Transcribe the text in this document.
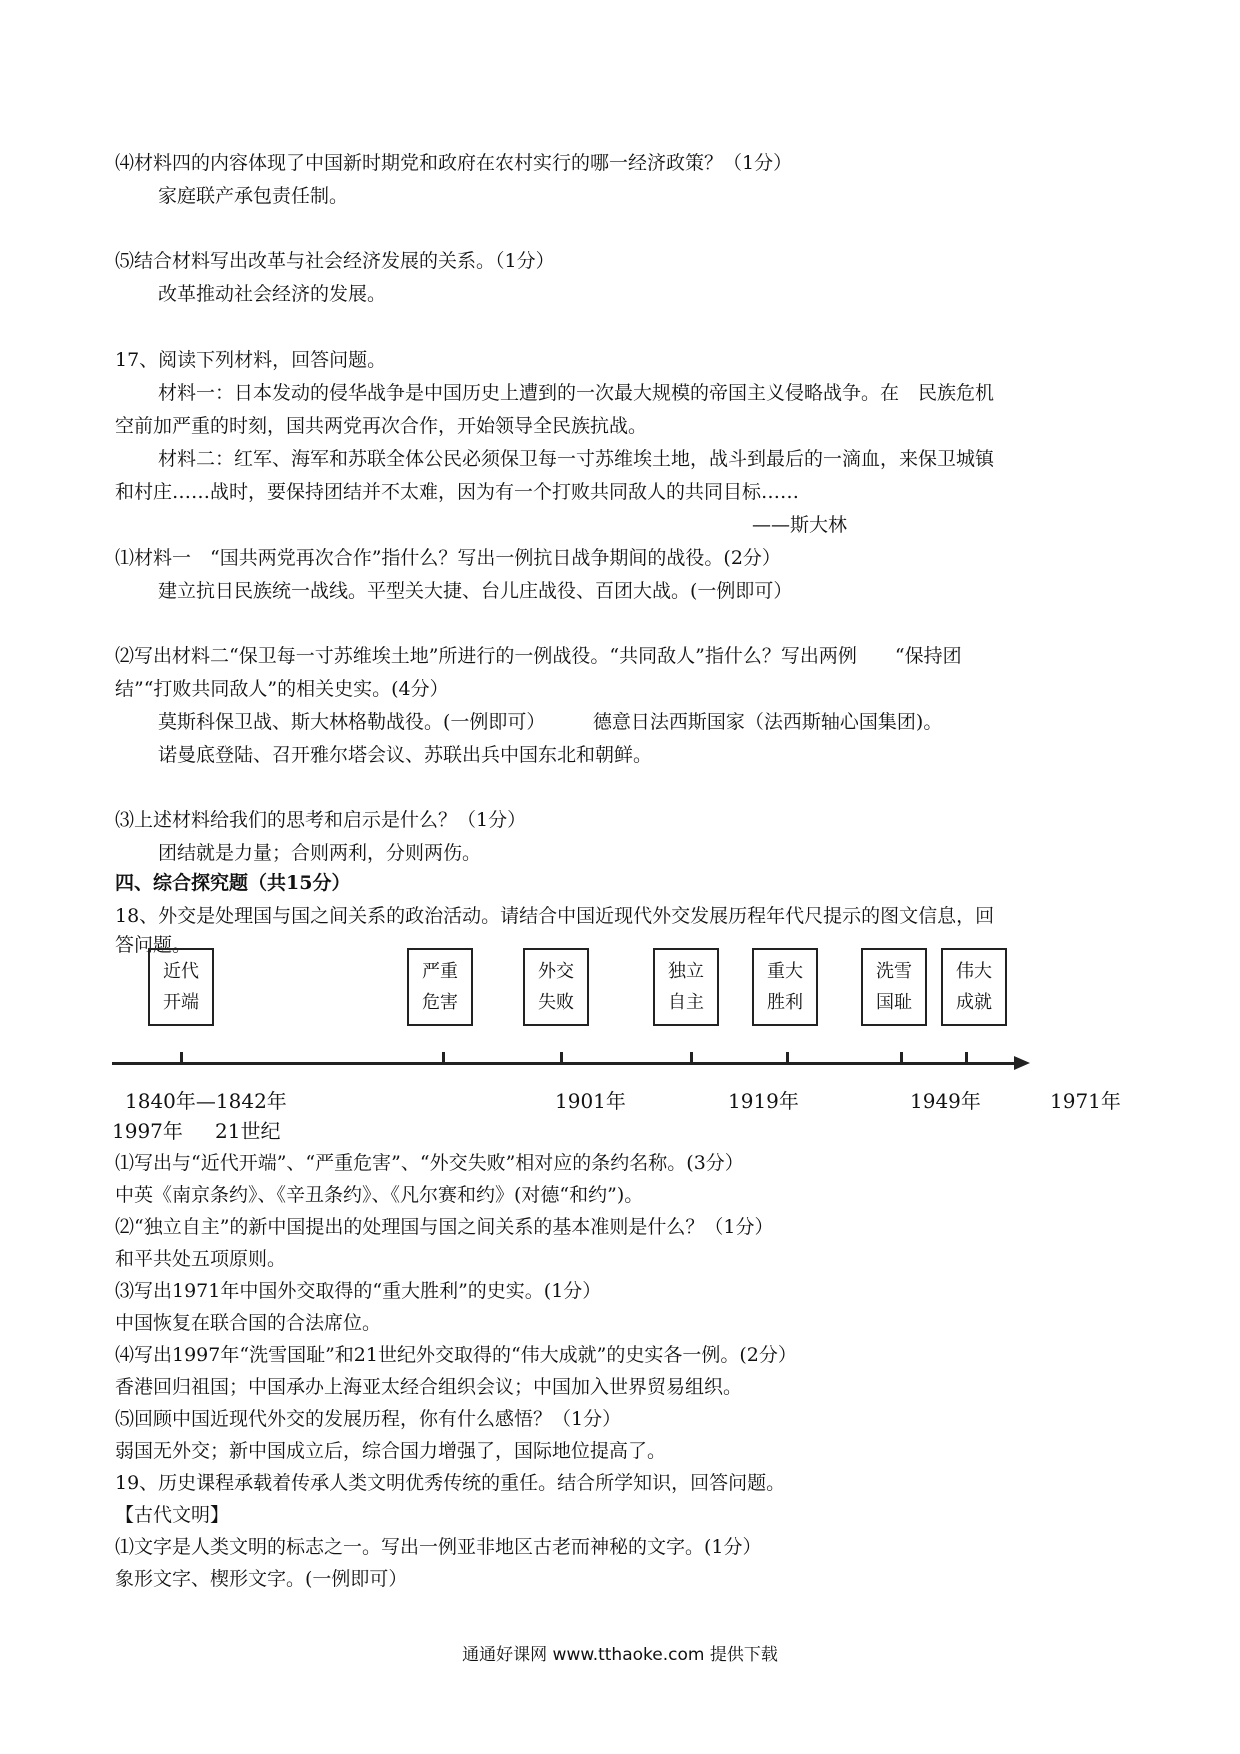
⑷材料四的内容体现了中国新时期党和政府在农村实行的哪一经济政策？（1分）
家庭联产承包责任制。
⑸结合材料写出改革与社会经济发展的关系。（1分）
改革推动社会经济的发展。
17、阅读下列材料，回答问题。
材料一：日本发动的侵华战争是中国历史上遭到的一次最大规模的帝国主义侵略战争。在　民族危机
空前加严重的时刻，国共两党再次合作，开始领导全民族抗战。
材料二：红军、海军和苏联全体公民必须保卫每一寸苏维埃土地，战斗到最后的一滴血，来保卫城镇
和村庄……战时，要保持团结并不太难，因为有一个打败共同敌人的共同目标……
——斯大林
⑴材料一　“国共两党再次合作”指什么？写出一例抗日战争期间的战役。(2分）
建立抗日民族统一战线。平型关大捷、台儿庄战役、百团大战。(一例即可）
⑵写出材料二“保卫每一寸苏维埃土地”所进行的一例战役。“共同敌人”指什么？写出两例　　“保持团
结”“打败共同敌人”的相关史实。(4分）
莫斯科保卫战、斯大林格勒战役。(一例即可）　　　德意日法西斯国家（法西斯轴心国集团)。
诺曼底登陆、召开雅尔塔会议、苏联出兵中国东北和朝鲜。
⑶上述材料给我们的思考和启示是什么？（1分）
团结就是力量；合则两利，分则两伤。
四、综合探究题（共15分）
18、外交是处理国与国之间关系的政治活动。请结合中国近现代外交发展历程年代尺提示的图文信息，回
答问题。
近代
开端
严重
危害
外交
失败
独立
自主
重大
胜利
洗雪
国耻
伟大
成就
1840年—1842年	1901年	1919年	1949年	1971年
1997年 21世纪
⑴写出与“近代开端”、“严重危害”、“外交失败”相对应的条约名称。(3分）
中英《南京条约》、《辛丑条约》、《凡尔赛和约》(对德“和约”)。
⑵“独立自主”的新中国提出的处理国与国之间关系的基本准则是什么？（1分）
和平共处五项原则。
⑶写出1971年中国外交取得的“重大胜利”的史实。(1分）
中国恢复在联合国的合法席位。
⑷写出1997年“洗雪国耻”和21世纪外交取得的“伟大成就”的史实各一例。(2分）
香港回归祖国；中国承办上海亚太经合组织会议；中国加入世界贸易组织。
⑸回顾中国近现代外交的发展历程，你有什么感悟？（1分）
弱国无外交；新中国成立后，综合国力增强了，国际地位提高了。
19、历史课程承载着传承人类文明优秀传统的重任。结合所学知识，回答问题。
【古代文明】
⑴文字是人类文明的标志之一。写出一例亚非地区古老而神秘的文字。(1分）
象形文字、楔形文字。(一例即可）
通通好课网 www.tthaoke.com 提供下载
